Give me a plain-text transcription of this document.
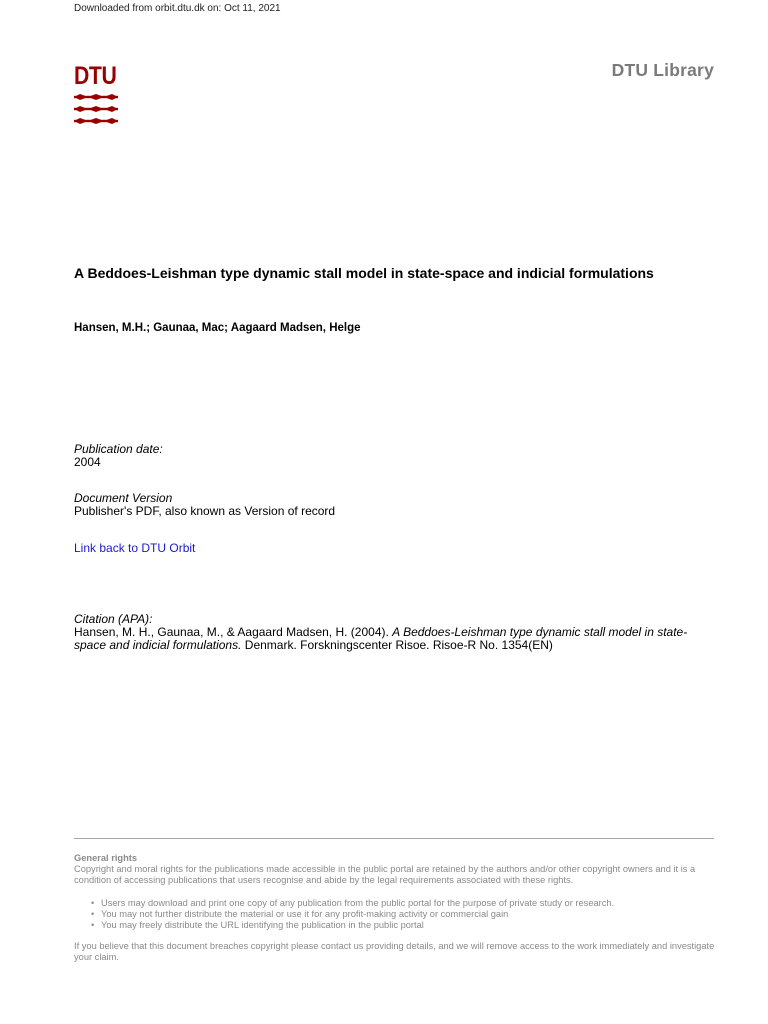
Downloaded from orbit.dtu.dk on: Oct 11, 2021
DTU	DTU Library
A Beddoes-Leishman type dynamic stall model in state-space and indicial formulations
Hansen, M.H.; Gaunaa, Mac; Aagaard Madsen, Helge
Publication date:
2004
Document Version
Publisher's PDF, also known as Version of record
Link back to DTU Orbit
Citation (APA):
Hansen, M. H., Gaunaa, M., & Aagaard Madsen, H. (2004). A Beddoes-Leishman type dynamic stall model in state-space and indicial formulations. Denmark. Forskningscenter Risoe. Risoe-R No. 1354(EN)
General rights

Copyright and moral rights for the publications made accessible in the public portal are retained by the authors and/or other copyright owners and it is a condition of accessing publications that users recognise and abide by the legal requirements associated with these rights.

• Users may download and print one copy of any publication from the public portal for the purpose of private study or research.
• You may not further distribute the material or use it for any profit-making activity or commercial gain
• You may freely distribute the URL identifying the publication in the public portal

If you believe that this document breaches copyright please contact us providing details, and we will remove access to the work immediately and investigate your claim.
